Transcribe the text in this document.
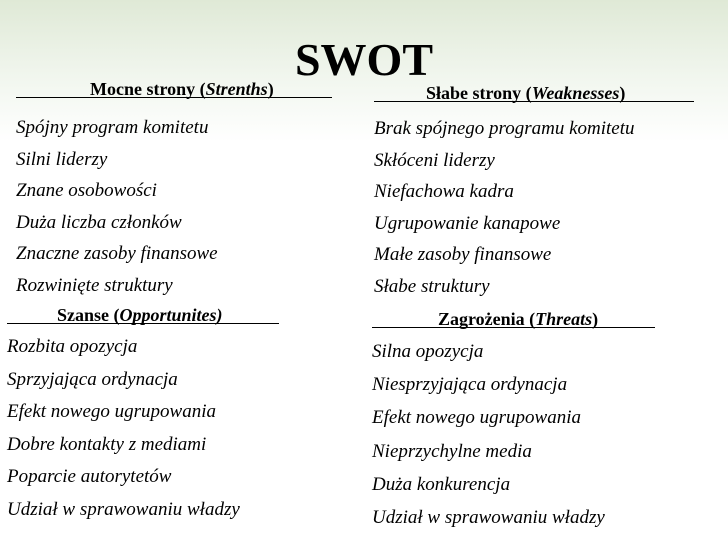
SWOT
Mocne strony (Strenths)
Spójny program komitetu
Silni liderzy
Znane osobowości
Duża liczba członków
Znaczne zasoby finansowe
Rozwinięte struktury
Słabe strony (Weaknesses)
Brak spójnego programu komitetu
Skłóceni liderzy
Niefachowa kadra
Ugrupowanie kanapowe
Małe zasoby finansowe
Słabe struktury
Szanse (Opportunites)
Rozbita opozycja
Sprzyjająca ordynacja
Efekt nowego ugrupowania
Dobre kontakty z mediami
Poparcie autorytetów
Udział w sprawowaniu władzy
Zagrożenia (Threats)
Silna opozycja
Niesprzyjająca ordynacja
Efekt nowego ugrupowania
Nieprzychylne media
Duża konkurencja
Udział w sprawowaniu władzy
